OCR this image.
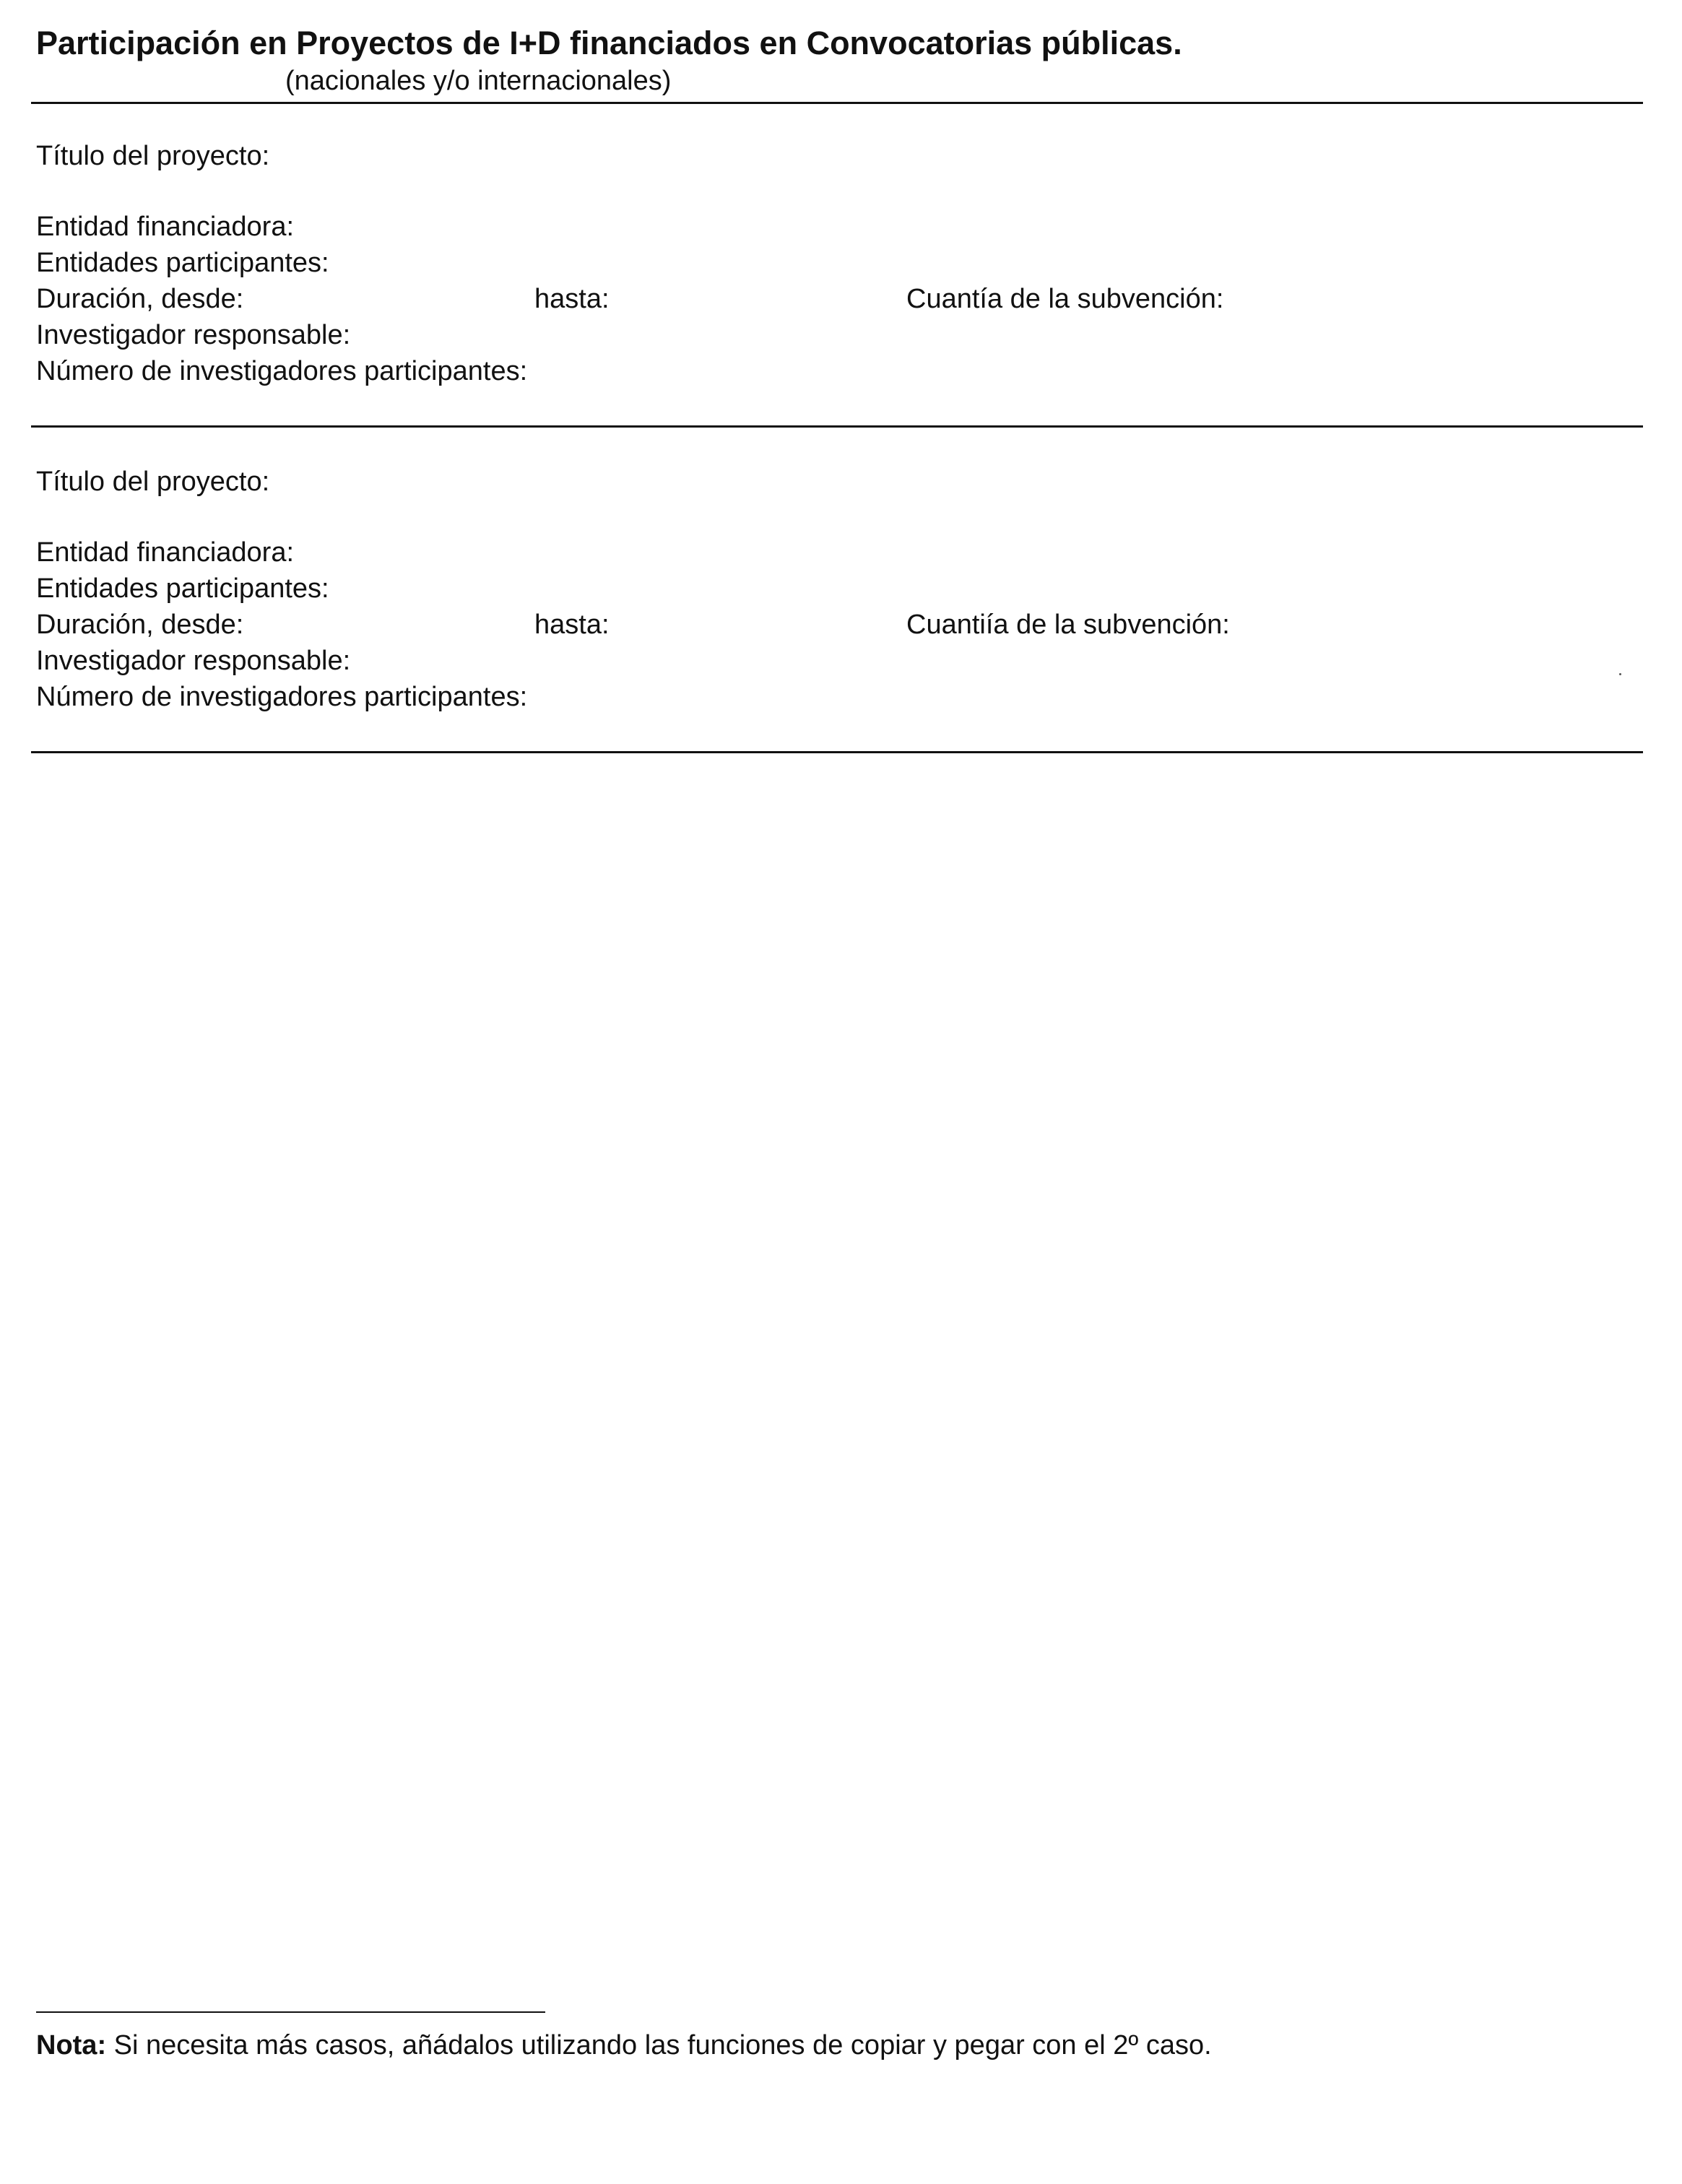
Participación en Proyectos de I+D financiados en Convocatorias públicas.
(nacionales y/o internacionales)
Título del proyecto:
Entidad financiadora:
Entidades participantes:
Duración, desde:	hasta:	Cuantía de la subvención:
Investigador responsable:
Número de investigadores participantes:
Título del proyecto:
Entidad financiadora:
Entidades participantes:
Duración, desde:	hasta:	Cuantiía de la subvención:
Investigador responsable:
Número de investigadores participantes:
Nota: Si necesita más casos, añádalos utilizando las funciones de copiar y pegar con el 2º caso.
